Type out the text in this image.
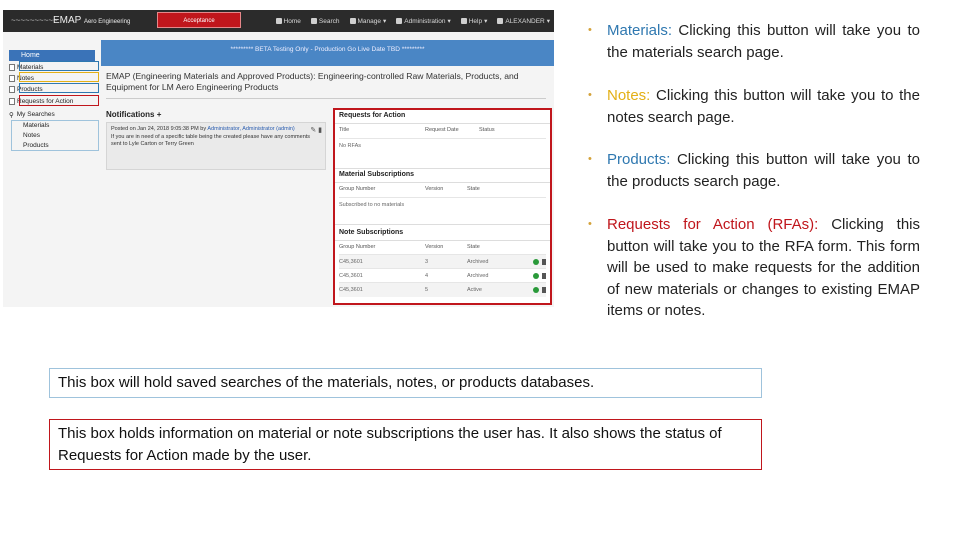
~~~~~~~~~~
EMAP Aero Engineering	Acceptance	Home	Search	Manage ▾	Administration ▾	Help ▾	ALEXANDER ▾
Home
Materials
Notes
Products
Requests for Action
⚲ My Searches
Materials
Notes
Products
********* BETA Testing Only - Production Go Live Date TBD *********
EMAP (Engineering Materials and Approved Products): Engineering-controlled Raw Materials, Products, and Equipment for LM Aero Engineering Products
Notifications +
Posted on Jan 24, 2018 9:05:38 PM by Administrator, Administrator (admin)
If you are in need of a specific table being the created please have any comments sent to Lyle Carton or Terry Green
✎ ▮
Requests for Action
Title	Request Date	Status
No RFAs
Material Subscriptions
Group Number	Version	State
Subscribed to no materials
Note Subscriptions
Group Number	Version	State
C45,3601	3	Archived
C45,3601	4	Archived
C45,3601	5	Active
•	Materials: Clicking this button will take you to the materials search page.
•	Notes: Clicking this button will take you to the notes search page.
•	Products: Clicking this button will take you to the products search page.
•	Requests for Action (RFAs): Clicking this button will take you to the RFA form. This form will be used to make requests for the addition of new materials or changes to existing EMAP items or notes.
This box will hold saved searches of the materials, notes, or products databases.
This box holds information on material or note subscriptions the user has. It also shows the status of Requests for Action made by the user.
